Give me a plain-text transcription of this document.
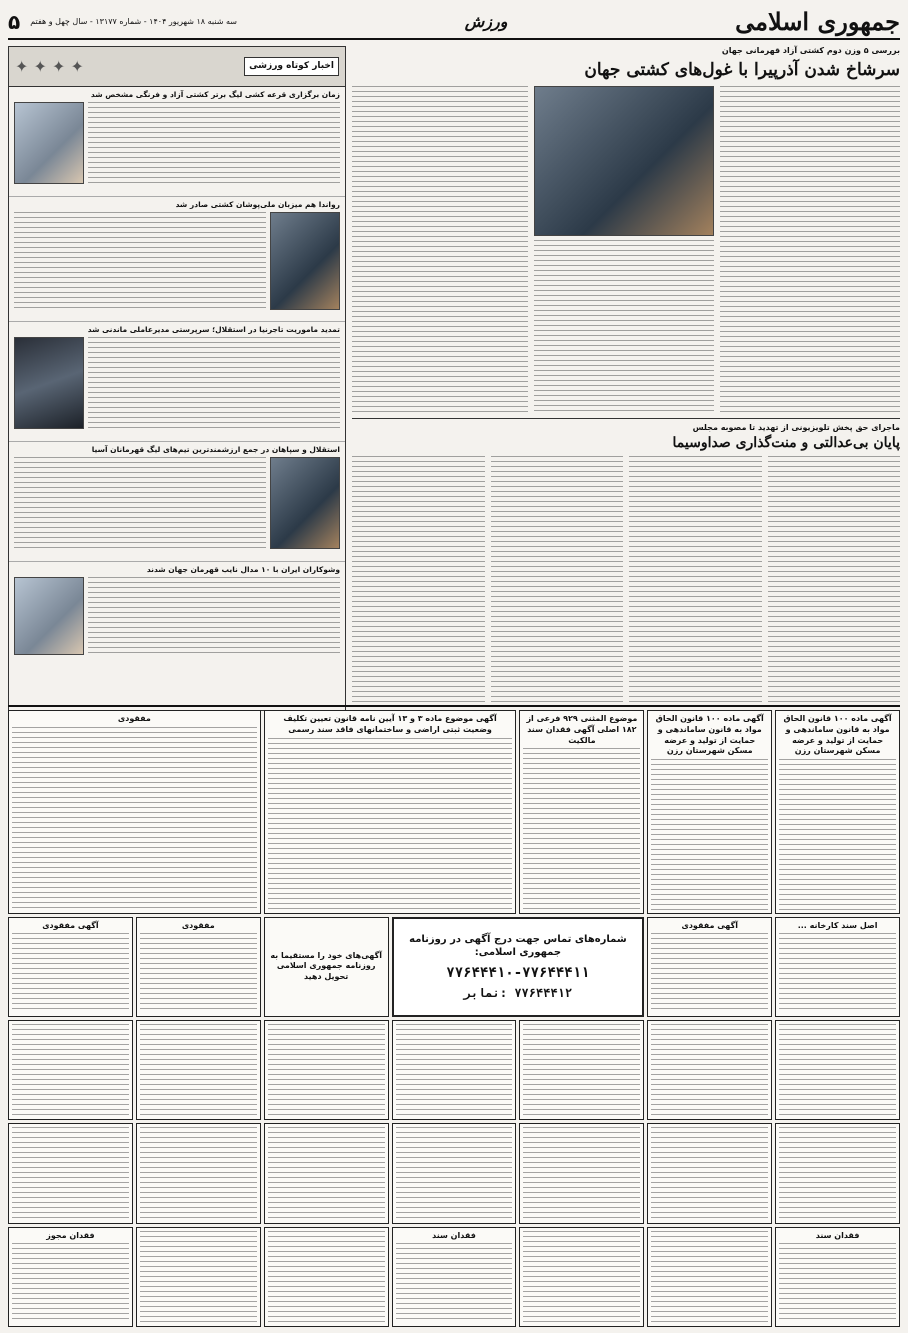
جمهوری اسلامی
ورزش
سه شنبه ۱۸ شهریور ۱۴۰۴ - شماره ۱۳۱۷۷ - سال چهل و هفتم
۵
بررسی ۵ وزن دوم کشتی آزاد قهرمانی جهان
سرشاخ شدن آذرپیرا با غول‌های کشتی جهان
ماجرای حق پخش تلویزیونی از تهدید تا مصوبه مجلس
پایان بی‌عدالتی و منت‌گذاری صداوسیما
اخبار کوتاه ورزشی
✦ ✦ ✦ ✦
زمان برگزاری قرعه کشی لیگ برتر کشتی آزاد و فرنگی مشخص شد
رواندا هم میزبان ملی‌پوشان کشتی صادر شد
تمدید ماموریت تاجرنیا در استقلال؛ سرپرستی مدیرعاملی ماندنی شد
استقلال و سپاهان در جمع ارزشمندترین تیم‌های لیگ قهرمانان آسیا
وشوکاران ایران با ۱۰ مدال نایب قهرمان جهان شدند
آگهی ماده ۱۰۰ قانون الحاق مواد به قانون ساماندهی و حمایت از تولید و عرضه مسکن شهرستان رزن
آگهی ماده ۱۰۰ قانون الحاق مواد به قانون ساماندهی و حمایت از تولید و عرضه مسکن شهرستان رزن
موضوع المثنی ۹۲۹ فرعی از ۱۸۲ اصلی آگهی فقدان سند مالکیت
آگهی موضوع ماده ۳ و ۱۳ آیین نامه قانون تعیین تکلیف وضعیت ثبتی اراضی و ساختمانهای فاقد سند رسمی
مفقودی
اصل سند کارخانه ...
آگهی مفقودی
شماره‌های تماس جهت درج آگهی در روزنامه جمهوری اسلامی:
۷۷۶۴۴۴۱۰-۷۷۶۴۴۴۱۱
۷۷۶۴۴۴۱۲ :نمابر
آگهی‌های خود را مستقیما به روزنامه جمهوری اسلامی تحویل دهید
مفقودی
آگهی مفقودی
فقدان سند
فقدان سند
فقدان مجوز
